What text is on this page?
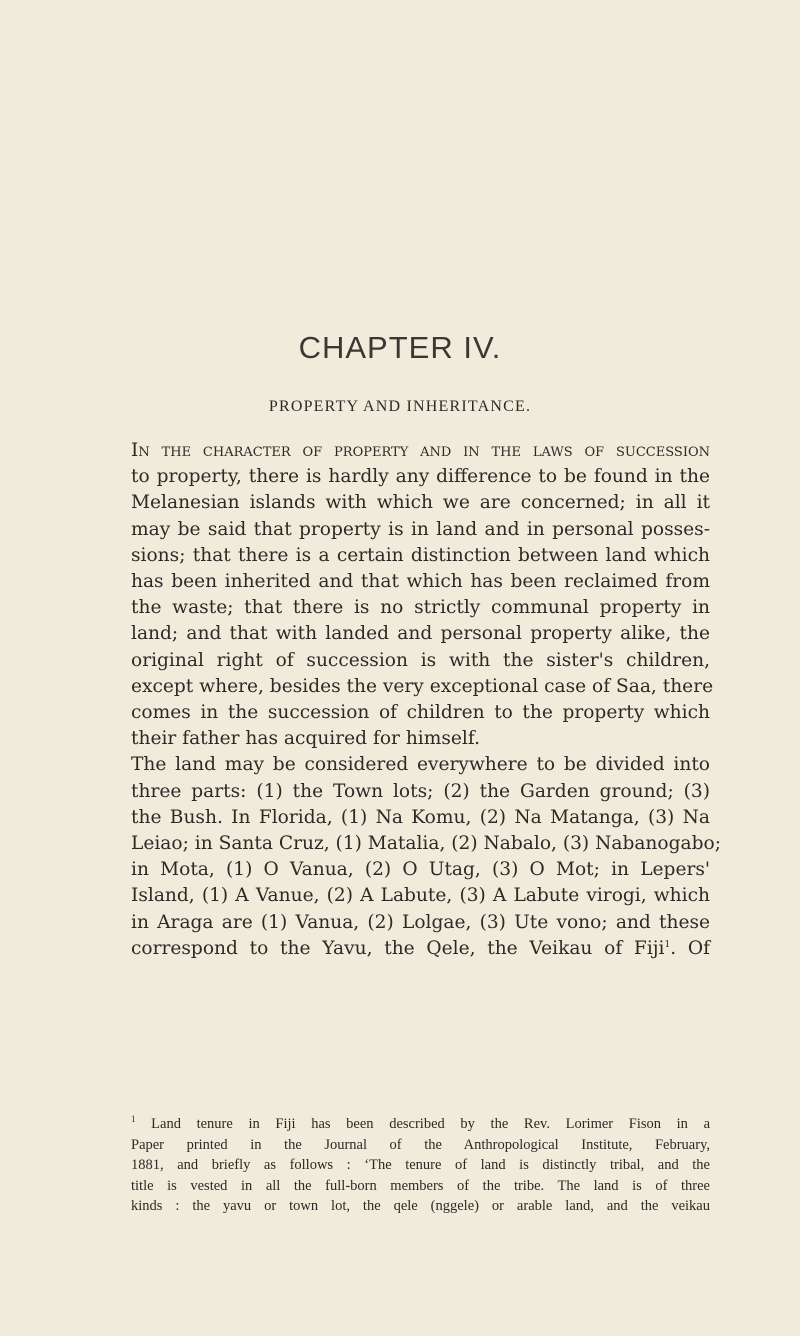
CHAPTER IV.
PROPERTY AND INHERITANCE.
In the character of property and in the laws of succession
to property, there is hardly any difference to be found in the
Melanesian islands with which we are concerned; in all it
may be said that property is in land and in personal posses-
sions; that there is a certain distinction between land which
has been inherited and that which has been reclaimed from
the waste; that there is no strictly communal property in
land; and that with landed and personal property alike, the
original right of succession is with the sister's children,
except where, besides the very exceptional case of Saa, there
comes in the succession of children to the property which
their father has acquired for himself.
The land may be considered everywhere to be divided into
three parts: (1) the Town lots; (2) the Garden ground; (3)
the Bush. In Florida, (1) Na Komu, (2) Na Matanga, (3) Na
Leiao; in Santa Cruz, (1) Matalia, (2) Nabalo, (3) Nabanogabo;
in Mota, (1) O Vanua, (2) O Utag, (3) O Mot; in Lepers'
Island, (1) A Vanue, (2) A Labute, (3) A Labute virogi, which
in Araga are (1) Vanua, (2) Lolgae, (3) Ute vono; and these
correspond to the Yavu, the Qele, the Veikau of Fiji$^1$. Of
$^1$ Land tenure in Fiji has been described by the Rev. Lorimer Fison in a
Paper printed in the Journal of the Anthropological Institute, February,
1881, and briefly as follows : ‘The tenure of land is distinctly tribal, and the
title is vested in all the full-born members of the tribe. The land is of three
kinds : the yavu or town lot, the qele (nggele) or arable land, and the veikau
